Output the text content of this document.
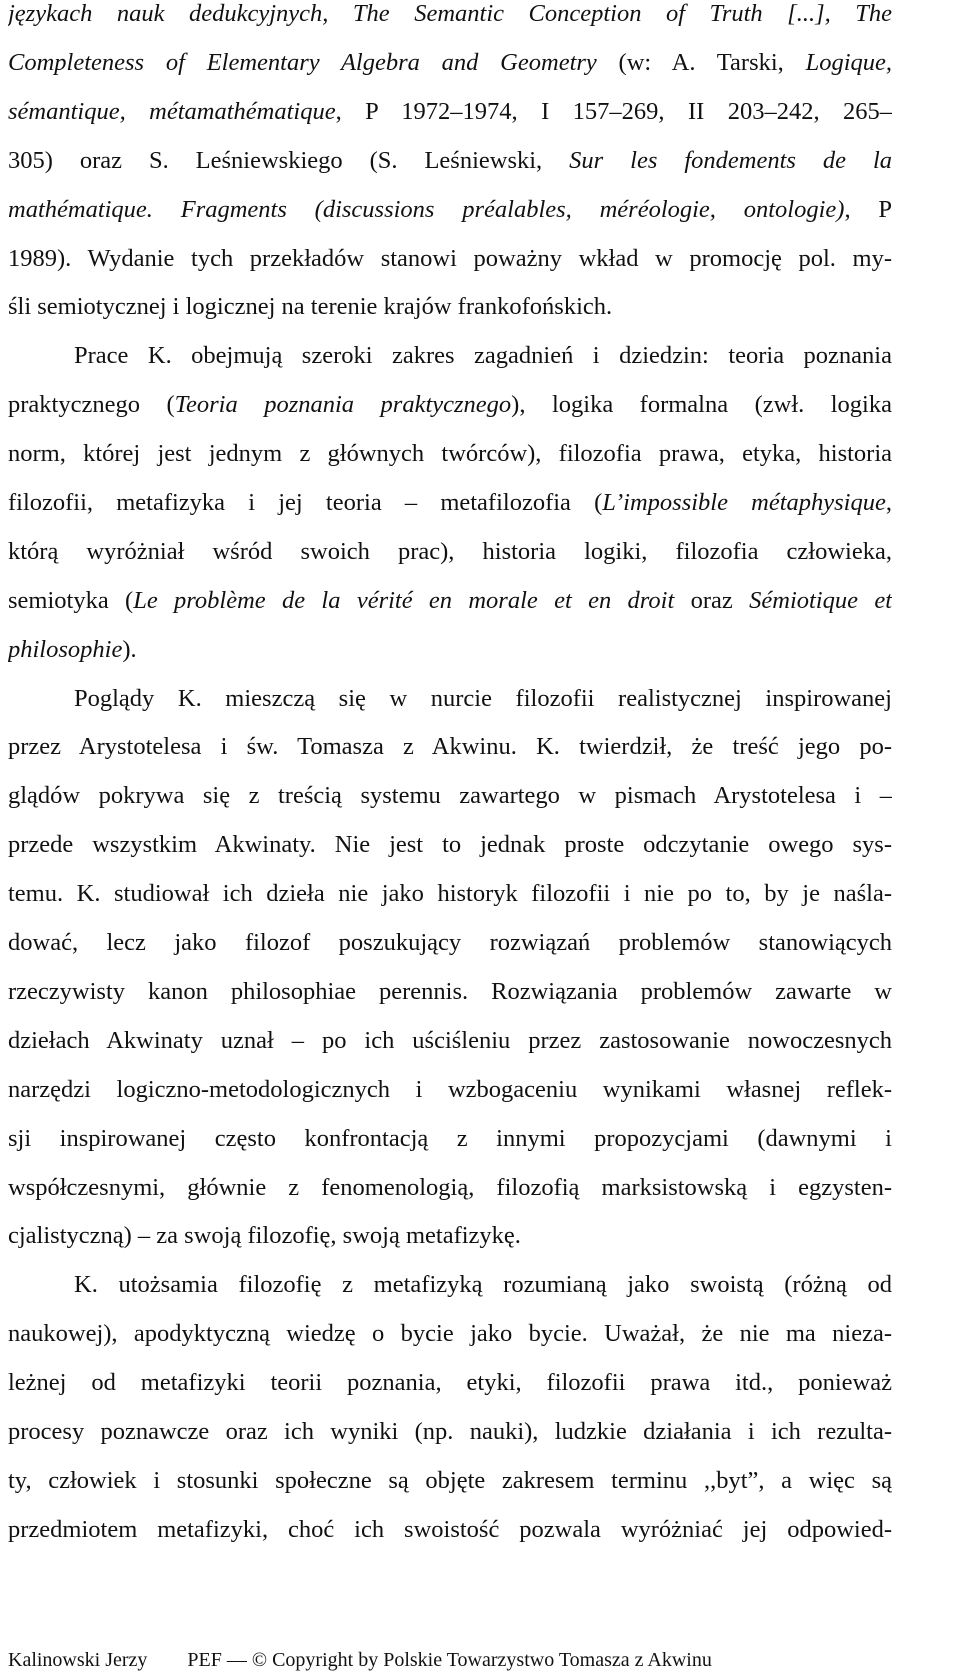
językach nauk dedukcyjnych, The Semantic Conception of Truth [...], The
Completeness of Elementary Algebra and Geometry (w: A. Tarski, Logique,
sémantique, métamathématique, P 1972–1974, I 157–269, II 203–242, 265–
305) oraz S. Leśniewskiego (S. Leśniewski, Sur les fondements de la
mathématique. Fragments (discussions préalables, méréologie, ontologie), P
1989). Wydanie tych przekładów stanowi poważny wkład w promocję pol. my-
śli semiotycznej i logicznej na terenie krajów frankofońskich.
Prace K. obejmują szeroki zakres zagadnień i dziedzin: teoria poznania
praktycznego (Teoria poznania praktycznego), logika formalna (zwł. logika
norm, której jest jednym z głównych twórców), filozofia prawa, etyka, historia
filozofii, metafizyka i jej teoria – metafilozofia (L’impossible métaphysique,
którą wyróżniał wśród swoich prac), historia logiki, filozofia człowieka,
semiotyka (Le problème de la vérité en morale et en droit oraz Sémiotique et
philosophie).
Poglądy K. mieszczą się w nurcie filozofii realistycznej inspirowanej
przez Arystotelesa i św. Tomasza z Akwinu. K. twierdził, że treść jego po-
glądów pokrywa się z treścią systemu zawartego w pismach Arystotelesa i –
przede wszystkim Akwinaty. Nie jest to jednak proste odczytanie owego sys-
temu. K. studiował ich dzieła nie jako historyk filozofii i nie po to, by je naśla-
dować, lecz jako filozof poszukujący rozwiązań problemów stanowiących
rzeczywisty kanon philosophiae perennis. Rozwiązania problemów zawarte w
dziełach Akwinaty uznał – po ich uściśleniu przez zastosowanie nowoczesnych
narzędzi logiczno-metodologicznych i wzbogaceniu wynikami własnej reflek-
sji inspirowanej często konfrontacją z innymi propozycjami (dawnymi i
współczesnymi, głównie z fenomenologią, filozofią marksistowską i egzysten-
cjalistyczną) – za swoją filozofię, swoją metafizykę.
K. utożsamia filozofię z metafizyką rozumianą jako swoistą (różną od
naukowej), apodyktyczną wiedzę o bycie jako bycie. Uważał, że nie ma nieza-
leżnej od metafizyki teorii poznania, etyki, filozofii prawa itd., ponieważ
procesy poznawcze oraz ich wyniki (np. nauki), ludzkie działania i ich rezulta-
ty, człowiek i stosunki społeczne są objęte zakresem terminu ,,byt”, a więc są
przedmiotem metafizyki, choć ich swoistość pozwala wyróżniać jej odpowied-
Kalinowski Jerzy PEF — © Copyright by Polskie Towarzystwo Tomasza z Akwinu
